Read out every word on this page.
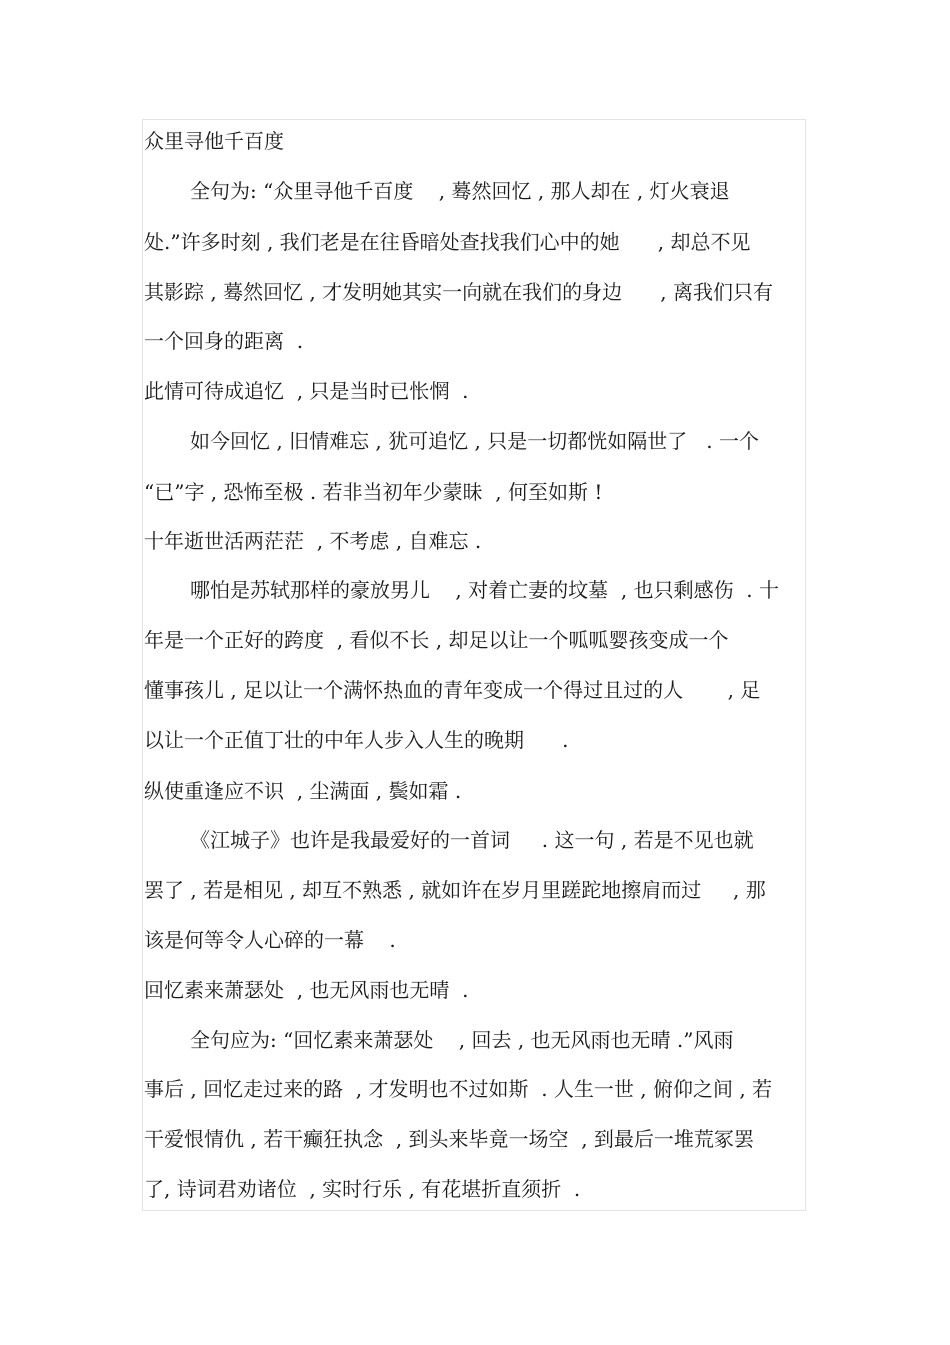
众里寻他千百度
全句为: “众里寻他千百度    , 蓦然回忆 , 那人却在 , 灯火衰退
处.”许多时刻 , 我们老是在往昏暗处查找我们心中的她      , 却总不见
其影踪 , 蓦然回忆 , 才发明她其实一向就在我们的身边      , 离我们只有
一个回身的距离  .
此情可待成追忆  , 只是当时已怅惘  .
如今回忆 , 旧情难忘 , 犹可追忆 , 只是一切都恍如隔世了   . 一个
“已”字 , 恐怖至极 . 若非当初年少蒙昧  , 何至如斯 !
十年逝世活两茫茫  , 不考虑 , 自难忘 .
哪怕是苏轼那样的豪放男儿    , 对着亡妻的坟墓  , 也只剩感伤  . 十
年是一个正好的跨度  , 看似不长 , 却足以让一个呱呱婴孩变成一个
懂事孩儿 , 足以让一个满怀热血的青年变成一个得过且过的人       , 足
以让一个正值丁壮的中年人步入人生的晚期      .
纵使重逢应不识  , 尘满面 , 鬓如霜 .
《江城子》也许是我最爱好的一首词     . 这一句 , 若是不见也就
罢了 , 若是相见 , 却互不熟悉 , 就如许在岁月里蹉跎地擦肩而过     , 那
该是何等令人心碎的一幕    .
回忆素来萧瑟处  , 也无风雨也无晴  .
全句应为: “回忆素来萧瑟处    , 回去 , 也无风雨也无晴 .”风雨
事后 , 回忆走过来的路  , 才发明也不过如斯  . 人生一世 , 俯仰之间 , 若
干爱恨情仇 , 若干癫狂执念  , 到头来毕竟一场空  , 到最后一堆荒冢罢
了, 诗词君劝诸位  , 实时行乐 , 有花堪折直须折  .
